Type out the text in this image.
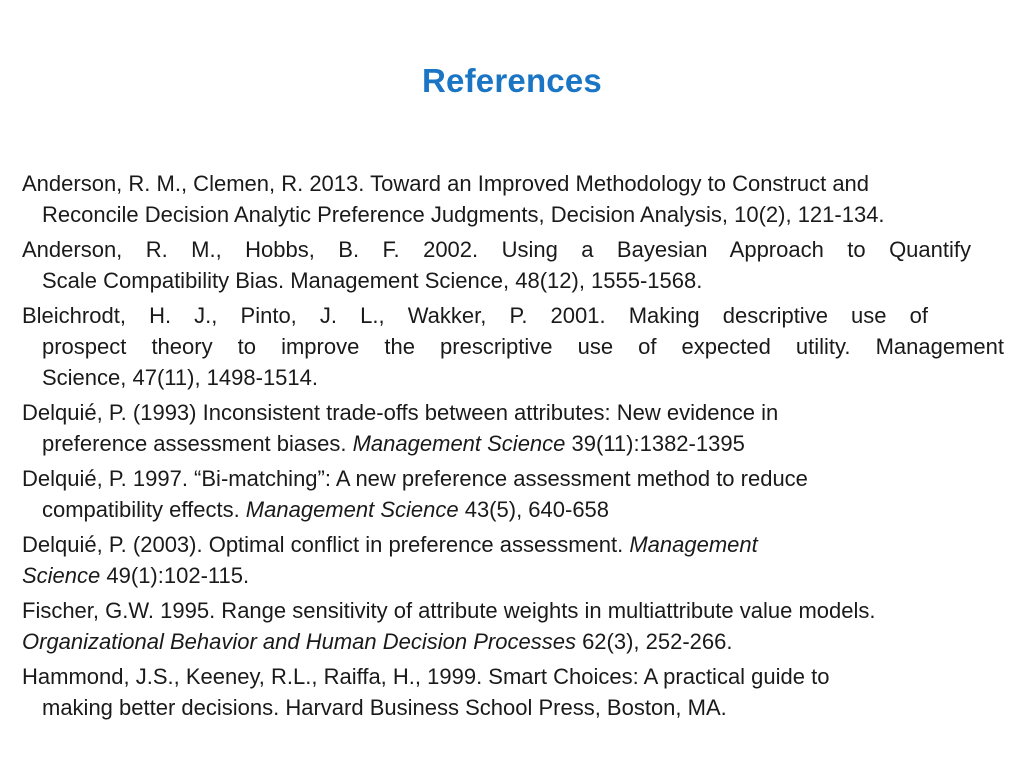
References
Anderson, R. M., Clemen, R. 2013. Toward an Improved Methodology to Construct and
Reconcile Decision Analytic Preference Judgments, Decision Analysis, 10(2), 121-134.
Anderson, R. M., Hobbs, B. F. 2002. Using a Bayesian Approach to Quantify
Scale Compatibility Bias. Management Science, 48(12), 1555-1568.
Bleichrodt, H. J., Pinto, J. L., Wakker, P. 2001. Making descriptive use of
prospect theory to improve the prescriptive use of expected utility. Management
Science, 47(11), 1498-1514.
Delquié, P. (1993) Inconsistent trade-offs between attributes: New evidence in
preference assessment biases. Management Science 39(11):1382-1395
Delquié, P. 1997. “Bi-matching”: A new preference assessment method to reduce
compatibility effects. Management Science 43(5), 640-658
Delquié, P. (2003). Optimal conflict in preference assessment. Management
Science 49(1):102-115.
Fischer, G.W. 1995. Range sensitivity of attribute weights in multiattribute value models.
Organizational Behavior and Human Decision Processes 62(3), 252-266.
Hammond, J.S., Keeney, R.L., Raiffa, H., 1999. Smart Choices: A practical guide to
making better decisions. Harvard Business School Press, Boston, MA.
